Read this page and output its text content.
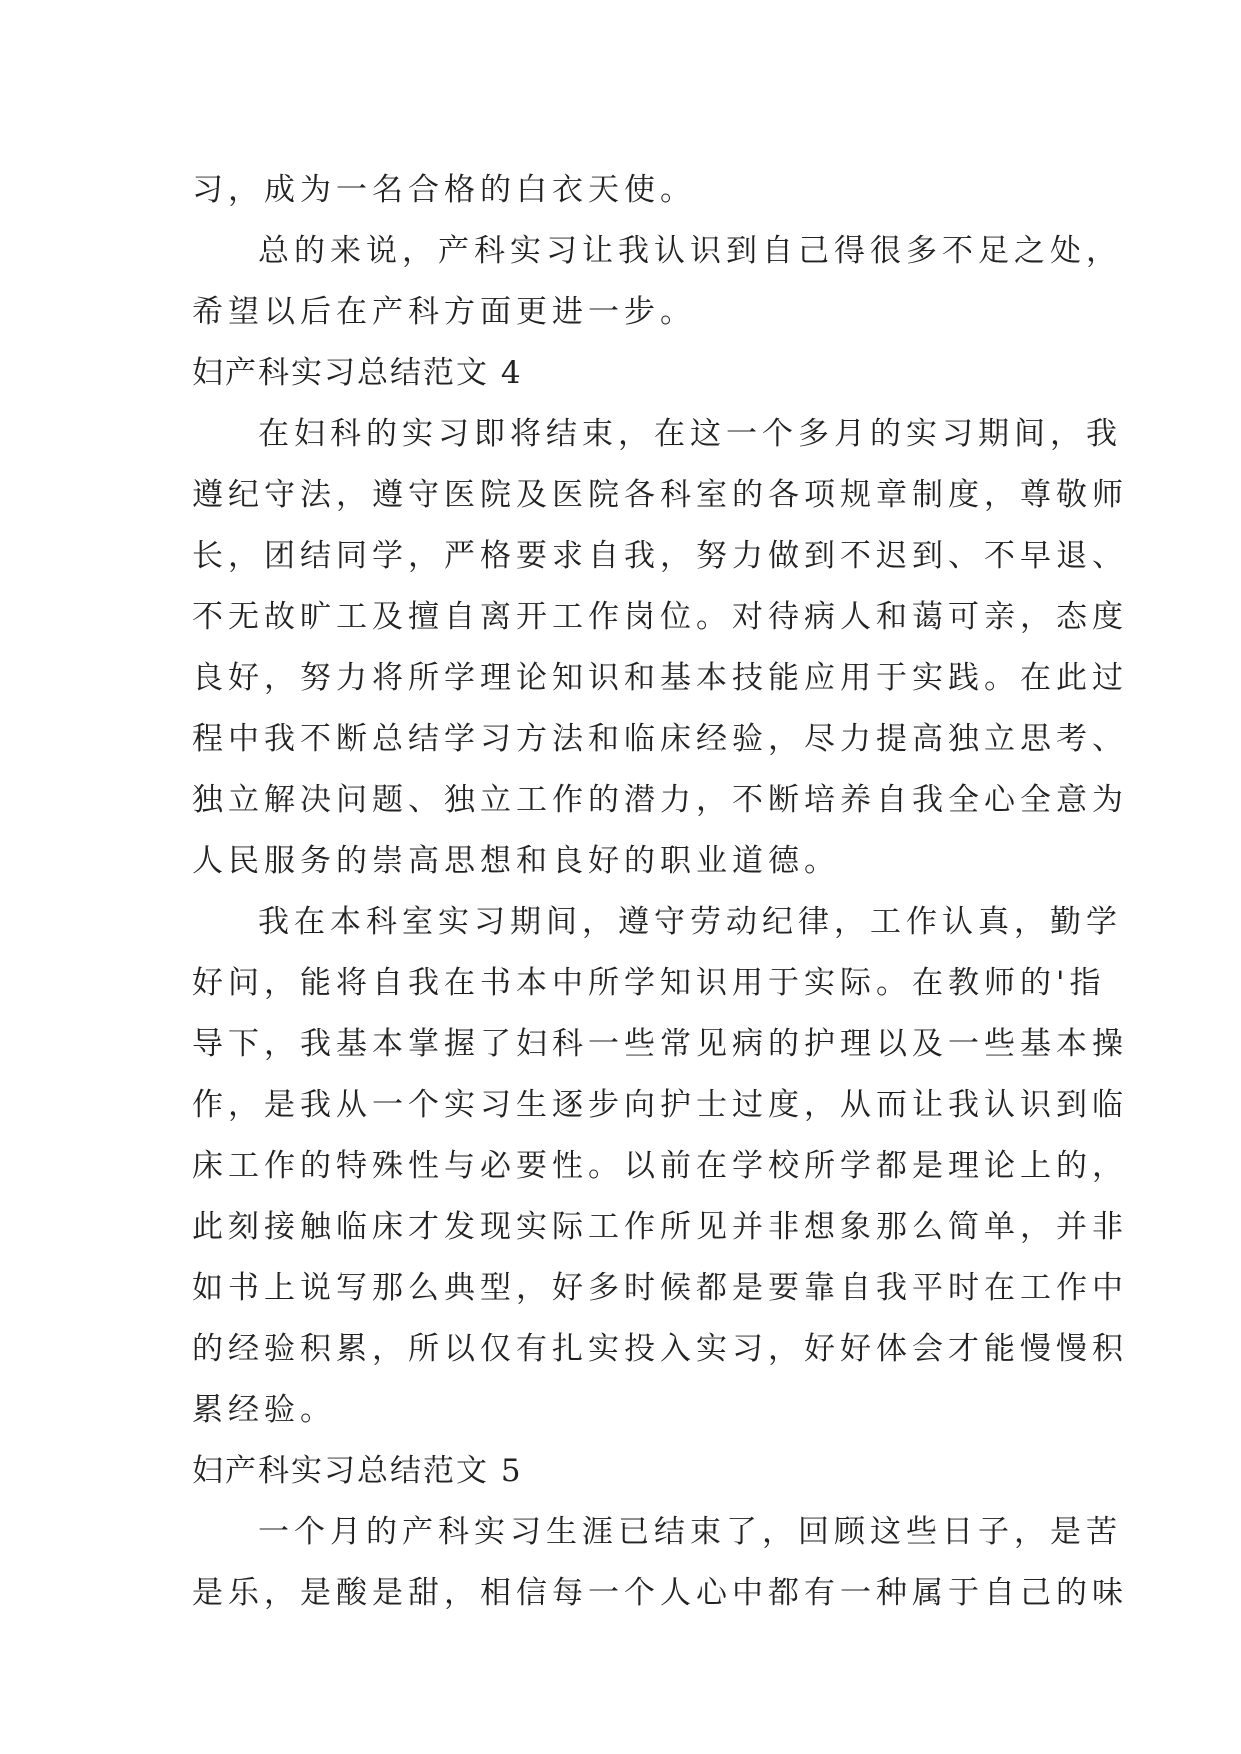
习，成为一名合格的白衣天使。
总的来说，产科实习让我认识到自己得很多不足之处，
希望以后在产科方面更进一步。
妇产科实习总结范文 4
在妇科的实习即将结束，在这一个多月的实习期间，我
遵纪守法，遵守医院及医院各科室的各项规章制度，尊敬师
长，团结同学，严格要求自我，努力做到不迟到、不早退、
不无故旷工及擅自离开工作岗位。对待病人和蔼可亲，态度
良好，努力将所学理论知识和基本技能应用于实践。在此过
程中我不断总结学习方法和临床经验，尽力提高独立思考、
独立解决问题、独立工作的潜力，不断培养自我全心全意为
人民服务的崇高思想和良好的职业道德。
我在本科室实习期间，遵守劳动纪律，工作认真，勤学
好问，能将自我在书本中所学知识用于实际。在教师的'指
导下，我基本掌握了妇科一些常见病的护理以及一些基本操
作，是我从一个实习生逐步向护士过度，从而让我认识到临
床工作的特殊性与必要性。以前在学校所学都是理论上的，
此刻接触临床才发现实际工作所见并非想象那么简单，并非
如书上说写那么典型，好多时候都是要靠自我平时在工作中
的经验积累，所以仅有扎实投入实习，好好体会才能慢慢积
累经验。
妇产科实习总结范文 5
一个月的产科实习生涯已结束了，回顾这些日子，是苦
是乐，是酸是甜，相信每一个人心中都有一种属于自己的味
